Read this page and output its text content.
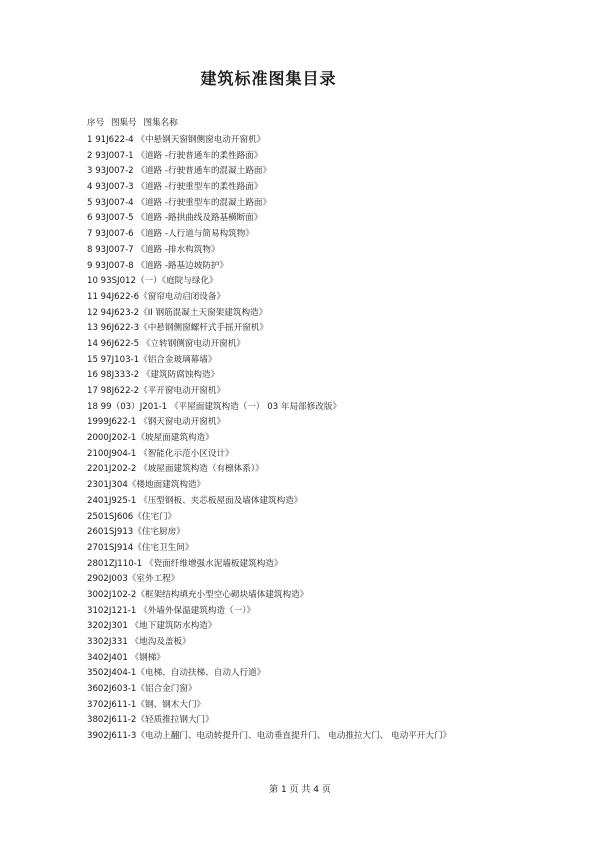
建筑标准图集目录
序号 图集号 图集名称
1 91J622-4 《中悬钢天窗钢侧窗电动开窗机》
2 93J007-1 《道路 -行驶普通车的柔性路面》
3 93J007-2 《道路 -行驶普通车的混凝土路面》
4 93J007-3 《道路 -行驶重型车的柔性路面》
5 93J007-4 《道路 -行驶重型车的混凝土路面》
6 93J007-5 《道路 -路拱曲线及路基横断面》
7 93J007-6 《道路 -人行道与简易构筑物》
8 93J007-7 《道路 -排水构筑物》
9 93J007-8 《道路 -路基边坡防护》
10 93SJ012（一）《庭院与绿化》
11 94J622-6《窗帘电动启闭设备》
12 94J623-2《II 钢筋混凝土天窗架建筑构造》
13 96J622-3《中悬钢侧窗螺杆式手摇开窗机》
14 96J622-5 《立转钢侧窗电动开窗机》
15 97J103-1《铝合金玻璃幕墙》
16 98J333-2 《建筑防腐蚀构造》
17 98J622-2《平开窗电动开窗机》
18 99（03）J201-1 《平屋面建筑构造（一） 03 年局部修改版》
1999J622-1 《钢天窗电动开窗机》
2000J202-1《坡屋面建筑构造》
2100J904-1 《智能化示范小区设计》
2201J202-2 《坡屋面建筑构造（有檩体系）》
2301J304《楼地面建筑构造》
2401J925-1 《压型钢板、夹芯板屋面及墙体建筑构造》
2501SJ606《住宅门》
2601SJ913《住宅厨房》
2701SJ914《住宅卫生间》
2801ZJ110-1 《瓷面纤维增强水泥墙板建筑构造》
2902J003《室外工程》
3002J102-2《框架结构填充小型空心砌块墙体建筑构造》
3102J121-1 《外墙外保温建筑构造（一）》
3202J301 《地下建筑防水构造》
3302J331 《地沟及盖板》
3402J401 《钢梯》
3502J404-1《电梯、自动扶梯、自动人行道》
3602J603-1《铝合金门窗》
3702J611-1《钢、钢木大门》
3802J611-2《轻质推拉钢大门》
3902J611-3《电动上翻门、电动转提升门、电动垂直提升门、 电动推拉大门、 电动平开大门》
第 1 页 共 4 页
